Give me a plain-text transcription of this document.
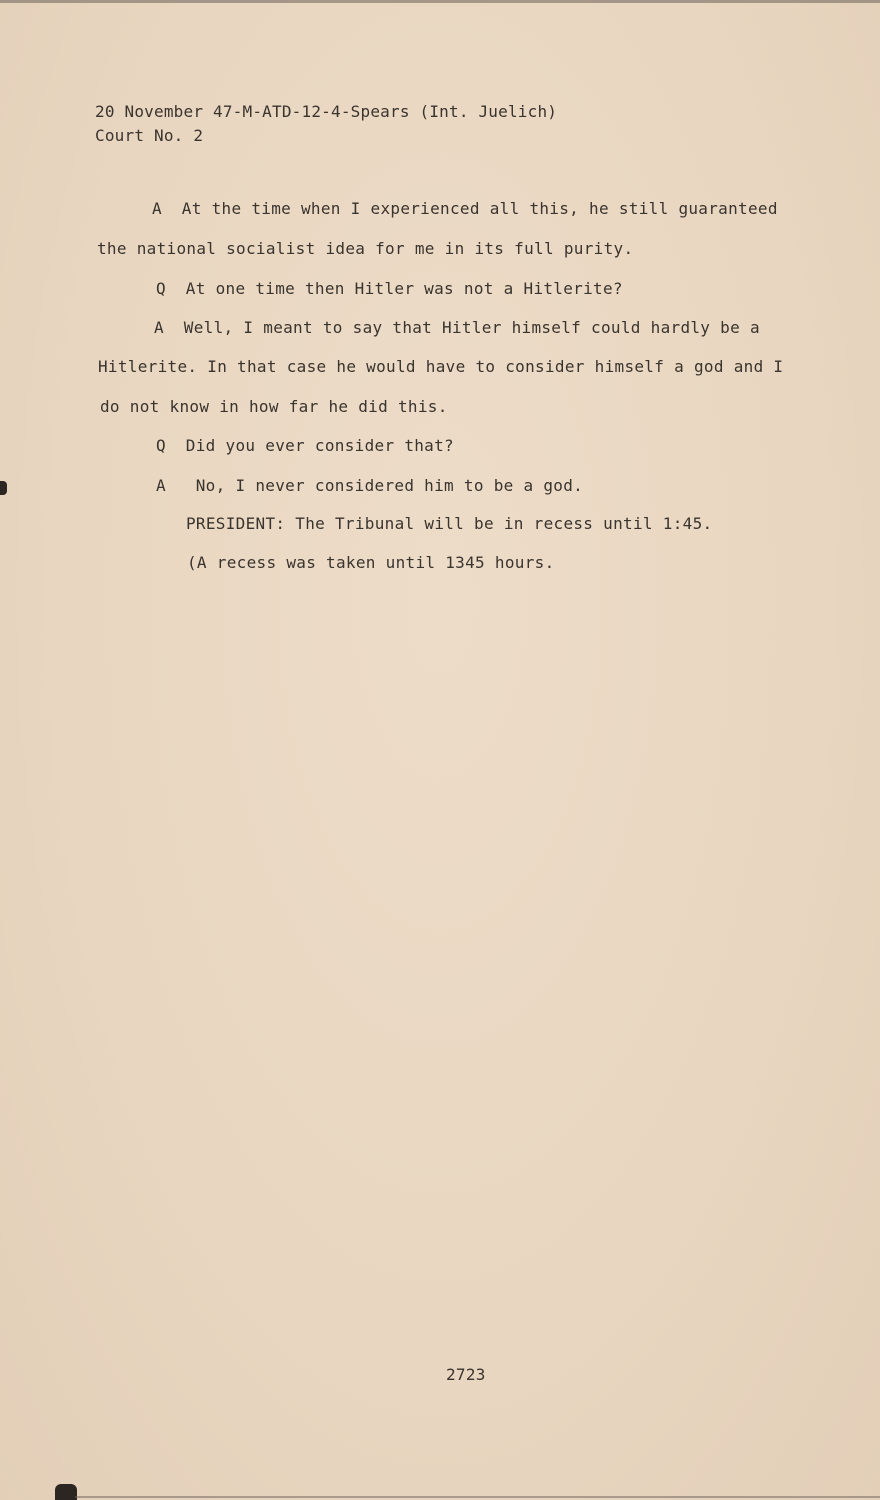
20 November 47-M-ATD-12-4-Spears (Int. Juelich)
Court No. 2
A  At the time when I experienced all this, he still guaranteed
the national socialist idea for me in its full purity.
Q  At one time then Hitler was not a Hitlerite?
A  Well, I meant to say that Hitler himself could hardly be a
Hitlerite. In that case he would have to consider himself a god and I
do not know in how far he did this.
Q  Did you ever consider that?
A   No, I never considered him to be a god.
PRESIDENT: The Tribunal will be in recess until 1:45.
(A recess was taken until 1345 hours.
2723
